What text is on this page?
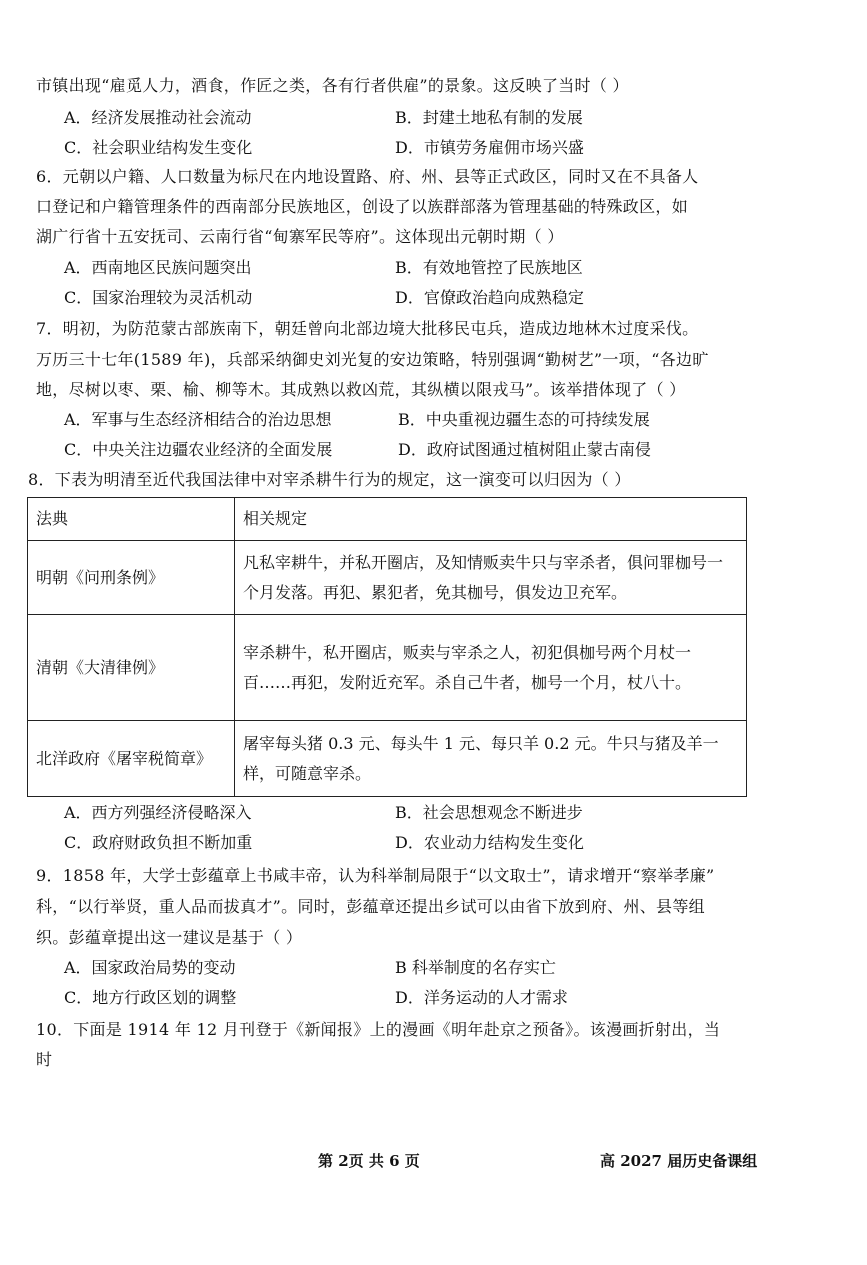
市镇出现“雇觅人力，酒食，作匠之类，各有行者供雇”的景象。这反映了当时（ ）
A．经济发展推动社会流动	B．封建土地私有制的发展
C．社会职业结构发生变化	D．市镇劳务雇佣市场兴盛
6．元朝以户籍、人口数量为标尺在内地设置路、府、州、县等正式政区，同时又在不具备人
口登记和户籍管理条件的西南部分民族地区，创设了以族群部落为管理基础的特殊政区，如
湖广行省十五安抚司、云南行省“甸寨军民等府”。这体现出元朝时期（ ）
A．西南地区民族问题突出	B．有效地管控了民族地区
C．国家治理较为灵活机动	D．官僚政治趋向成熟稳定
7．明初，为防范蒙古部族南下，朝廷曾向北部边境大批移民屯兵，造成边地林木过度采伐。
万历三十七年(1589 年)，兵部采纳御史刘光复的安边策略，特别强调“勤树艺”一项，“各边旷
地，尽树以枣、栗、榆、柳等木。其成熟以救凶荒，其纵横以限戎马”。该举措体现了（ ）
A．军事与生态经济相结合的治边思想	B．中央重视边疆生态的可持续发展
C．中央关注边疆农业经济的全面发展	D．政府试图通过植树阻止蒙古南侵
8．下表为明清至近代我国法律中对宰杀耕牛行为的规定，这一演变可以归因为（ ）
法典	相关规定
明朝《问刑条例》	凡私宰耕牛，并私开圈店，及知情贩卖牛只与宰杀者，俱问罪枷号一个月发落。再犯、累犯者，免其枷号，俱发边卫充军。
清朝《大清律例》	宰杀耕牛，私开圈店，贩卖与宰杀之人，初犯俱枷号两个月杖一百……再犯，发附近充军。杀自己牛者，枷号一个月，杖八十。
北洋政府《屠宰税简章》	屠宰每头猪 0.3 元、每头牛 1 元、每只羊 0.2 元。牛只与猪及羊一样，可随意宰杀。
A．西方列强经济侵略深入	B．社会思想观念不断进步
C．政府财政负担不断加重	D．农业动力结构发生变化
9．1858 年，大学士彭蕴章上书咸丰帝，认为科举制局限于“以文取士”，请求增开“察举孝廉”
科，“以行举贤，重人品而拔真才”。同时，彭蕴章还提出乡试可以由省下放到府、州、县等组
织。彭蕴章提出这一建议是基于（ ）
A．国家政治局势的变动	B 科举制度的名存实亡
C．地方行政区划的调整	D．洋务运动的人才需求
10．下面是 1914 年 12 月刊登于《新闻报》上的漫画《明年赴京之预备》。该漫画折射出，当
时
第 2页 共 6 页	高 2027 届历史备课组
